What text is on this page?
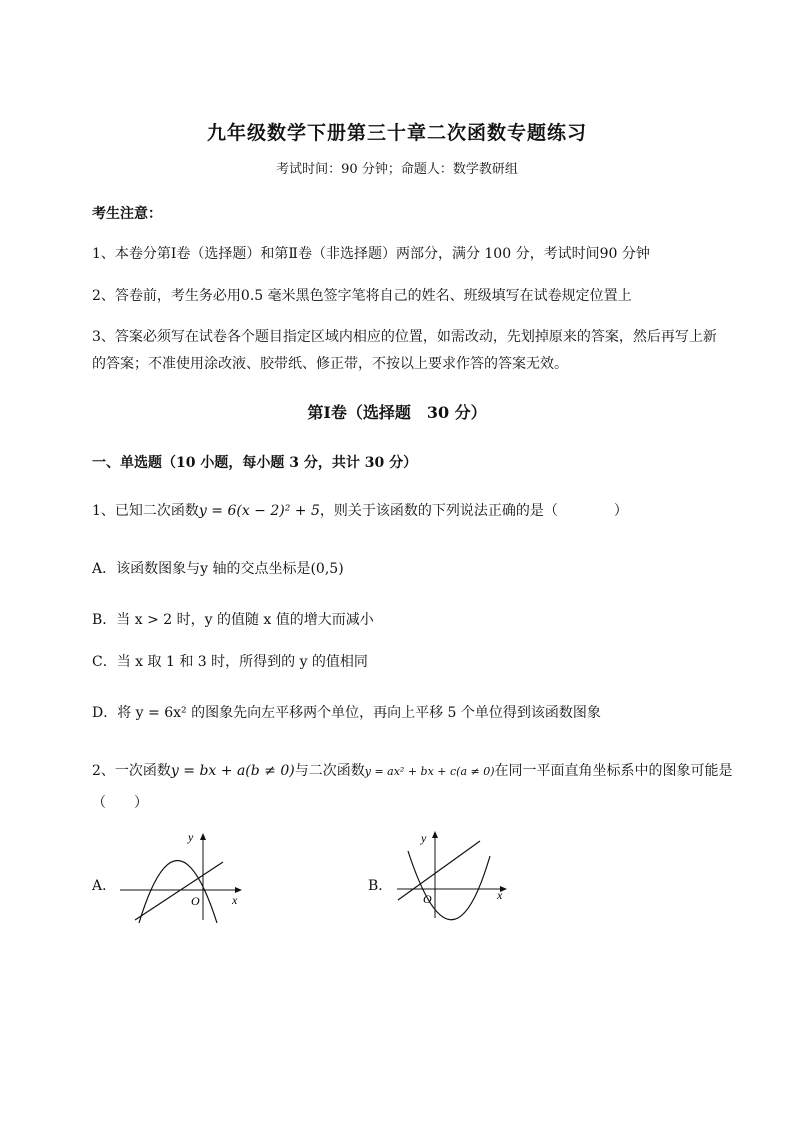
九年级数学下册第三十章二次函数专题练习
考试时间：90 分钟；命题人：数学教研组
考生注意：
1、本卷分第Ⅰ卷（选择题）和第Ⅱ卷（非选择题）两部分，满分 100 分，考试时间90 分钟
2、答卷前，考生务必用0.5 毫米黑色签字笔将自己的姓名、班级填写在试卷规定位置上
3、答案必须写在试卷各个题目指定区域内相应的位置，如需改动，先划掉原来的答案，然后再写上新
的答案；不准使用涂改液、胶带纸、修正带，不按以上要求作答的答案无效。
第Ⅰ卷（选择题　30 分）
一、单选题（10 小题，每小题 3 分，共计 30 分）
1、已知二次函数y = 6(x − 2)² + 5，则关于该函数的下列说法正确的是（　　　　）
A．该函数图象与y 轴的交点坐标是(0,5)
B．当 x > 2 时，y 的值随 x 值的增大而减小
C．当 x 取 1 和 3 时，所得到的 y 的值相同
D．将 y = 6x² 的图象先向左平移两个单位，再向上平移 5 个单位得到该函数图象
2、一次函数y = bx + a(b ≠ 0)与二次函数y = ax² + bx + c(a ≠ 0)在同一平面直角坐标系中的图象可能是
（　　）
A．
y
x
O
B．
y
x
O
